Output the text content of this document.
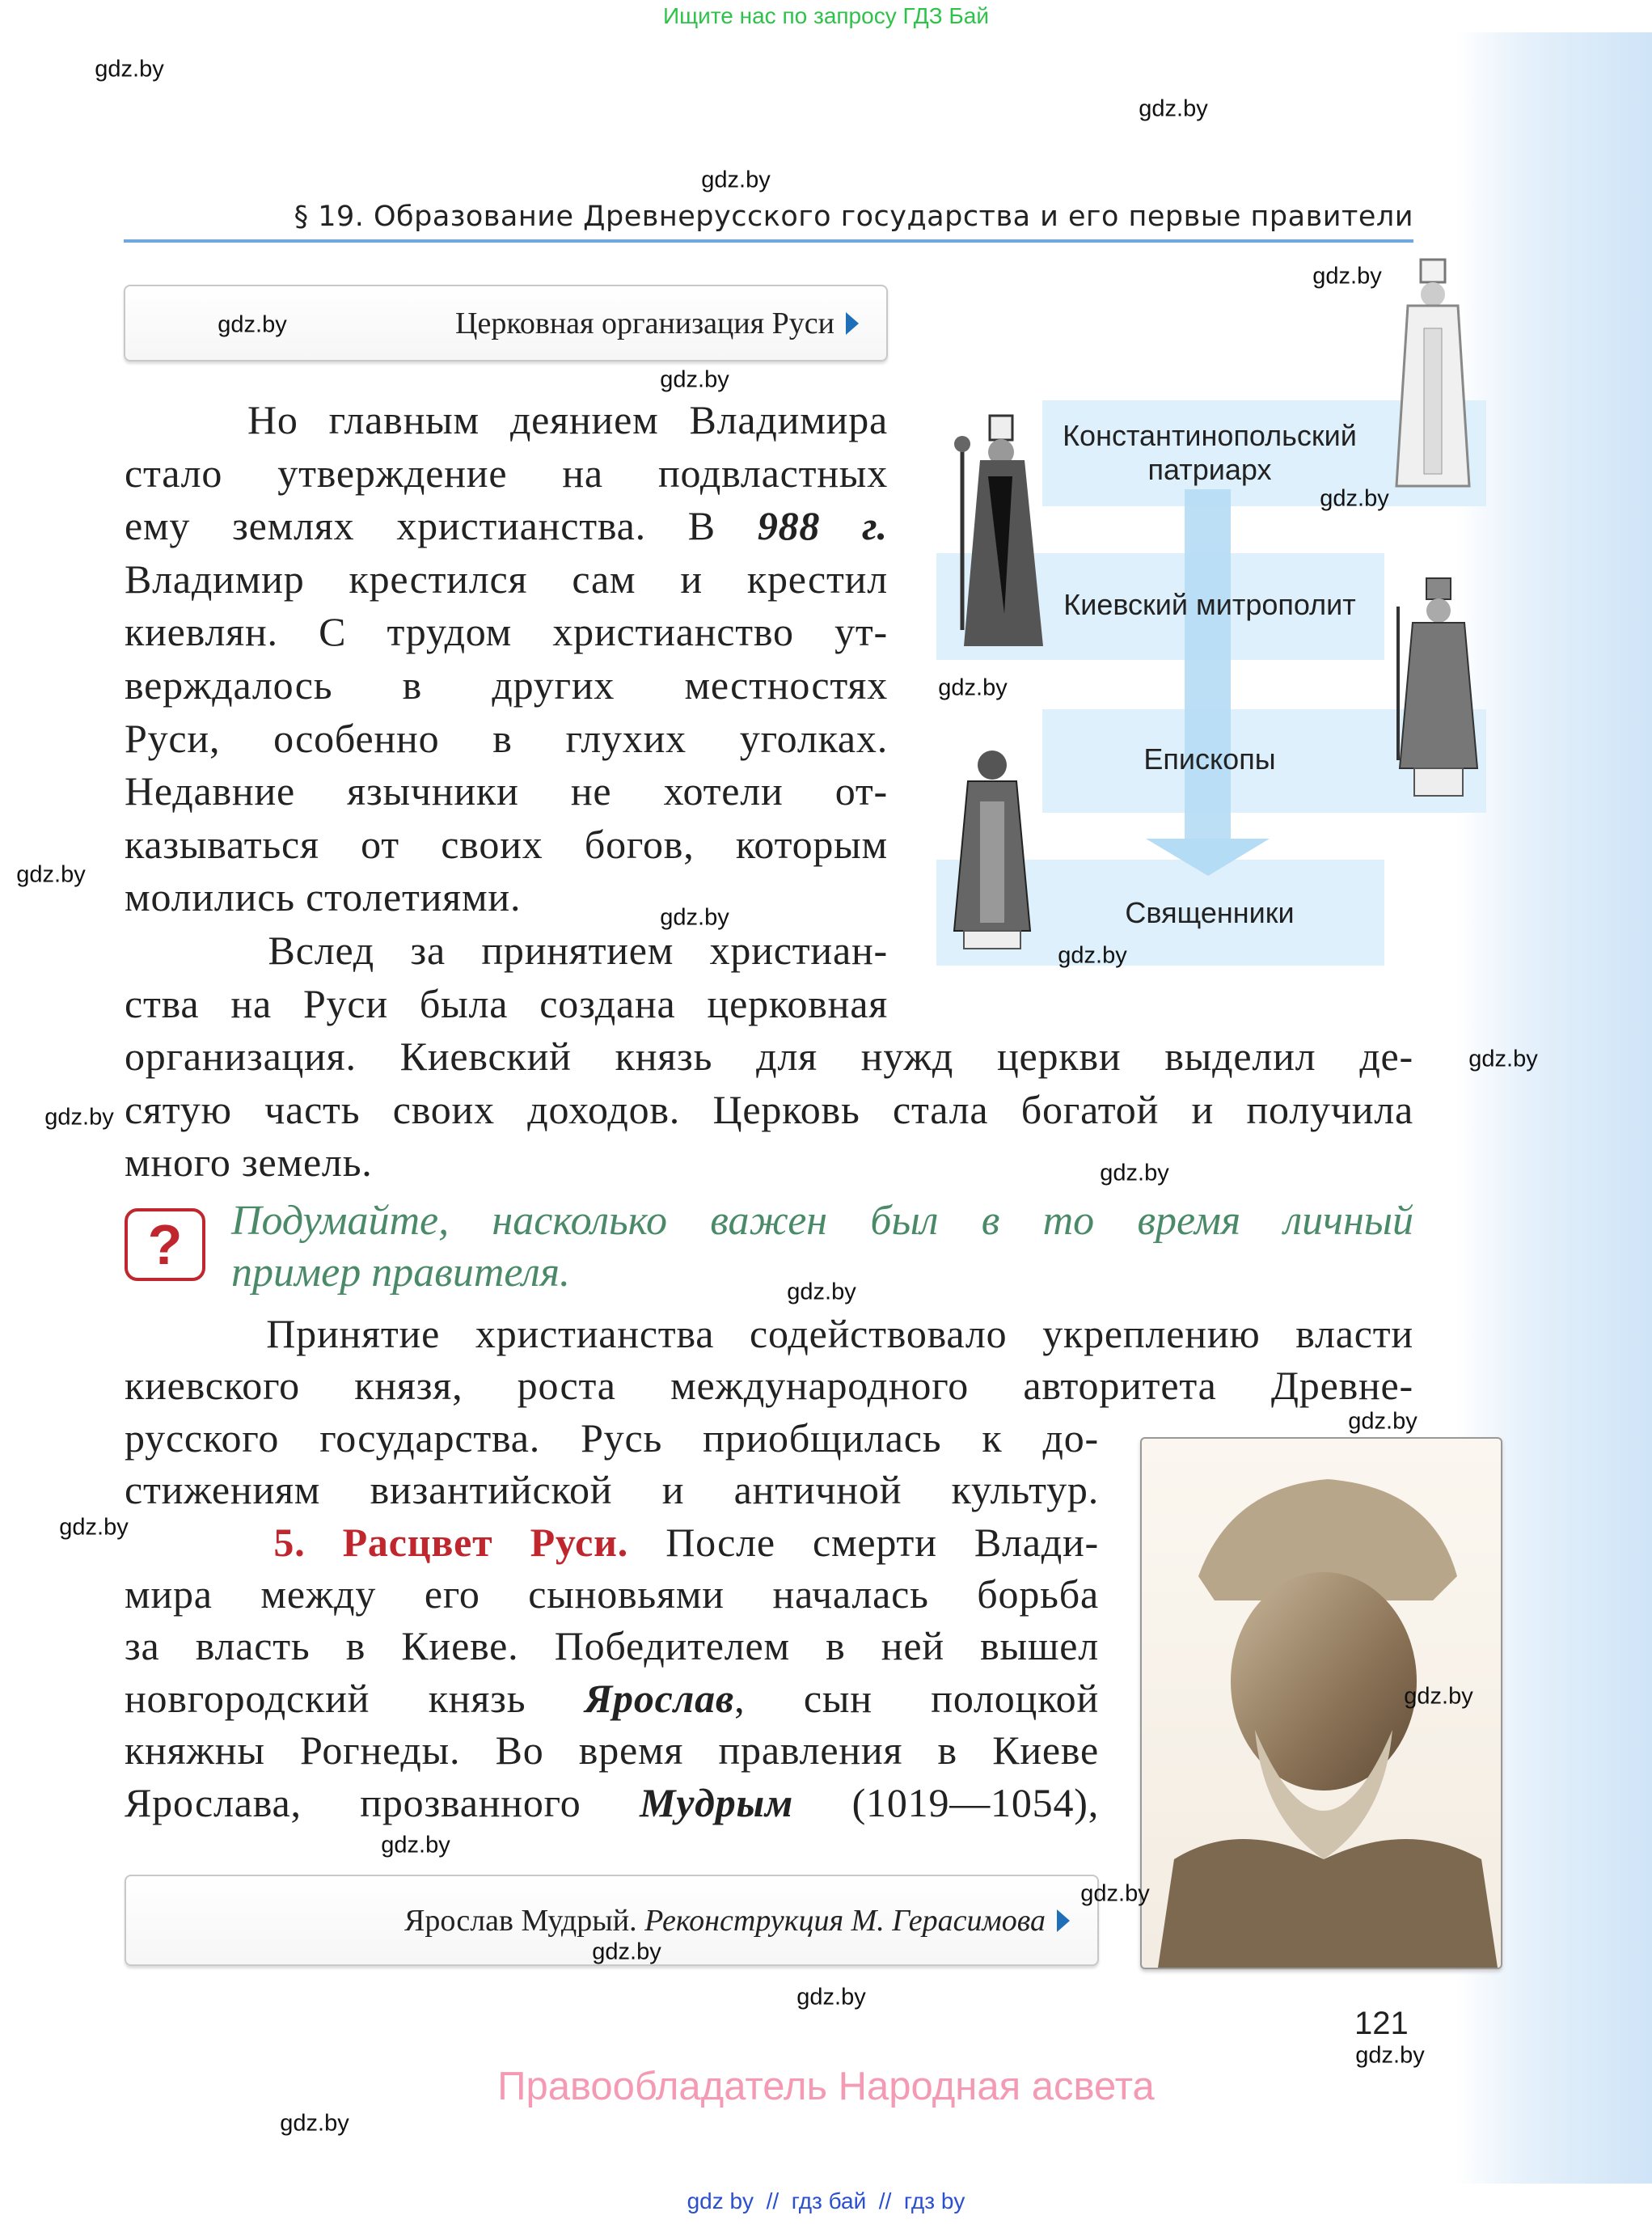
Ищите нас по запросу ГДЗ Бай
§ 19. Образование Древнерусского государства и его первые правители
Церковная организация Руси
Но главным деянием Владимира
стало утверждение на подвластных
ему землях христианства. В 988 г.
Владимир крестился сам и крестил
киевлян. С трудом христианство ут-
верждалось в других местностях
Руси, особенно в глухих уголках.
Недавние язычники не хотели от-
казываться от своих богов, которым
молились столетиями.
Вслед за принятием христиан-
ства на Руси была создана церковная
организация. Киевский князь для нужд церкви выделил де-
сятую часть своих доходов. Церковь стала богатой и получила
много земель.
Константинопольский патриарх
Киевский митрополит
Епископы
Священники
?	Подумайте, насколько важен был в то время личный
пример правителя.
Принятие христианства содействовало укреплению власти
киевского князя, роста международного авторитета Древне-
русского государства. Русь приобщилась к до-
стижениям византийской и античной культур.
5. Расцвет Руси. После смерти Влади-
мира между его сыновьями началась борьба
за власть в Киеве. Победителем в ней вышел
новгородский князь Ярослав, сын полоцкой
княжны Рогнеды. Во время правления в Киеве
Ярослава, прозванного Мудрым (1019—1054),
Ярослав Мудрый. Реконструкция М. Герасимова
121
Правообладатель Народная асвета
gdz by  //  гдз бай  //  гдз by
gdz.by
gdz.by
gdz.by
gdz.by
gdz.by
gdz.by
gdz.by
gdz.by
gdz.by
gdz.by
gdz.by
gdz.by
gdz.by
gdz.by
gdz.by
gdz.by
gdz.by
gdz.by
gdz.by
gdz.by
gdz.by
gdz.by
gdz.by
gdz.by
